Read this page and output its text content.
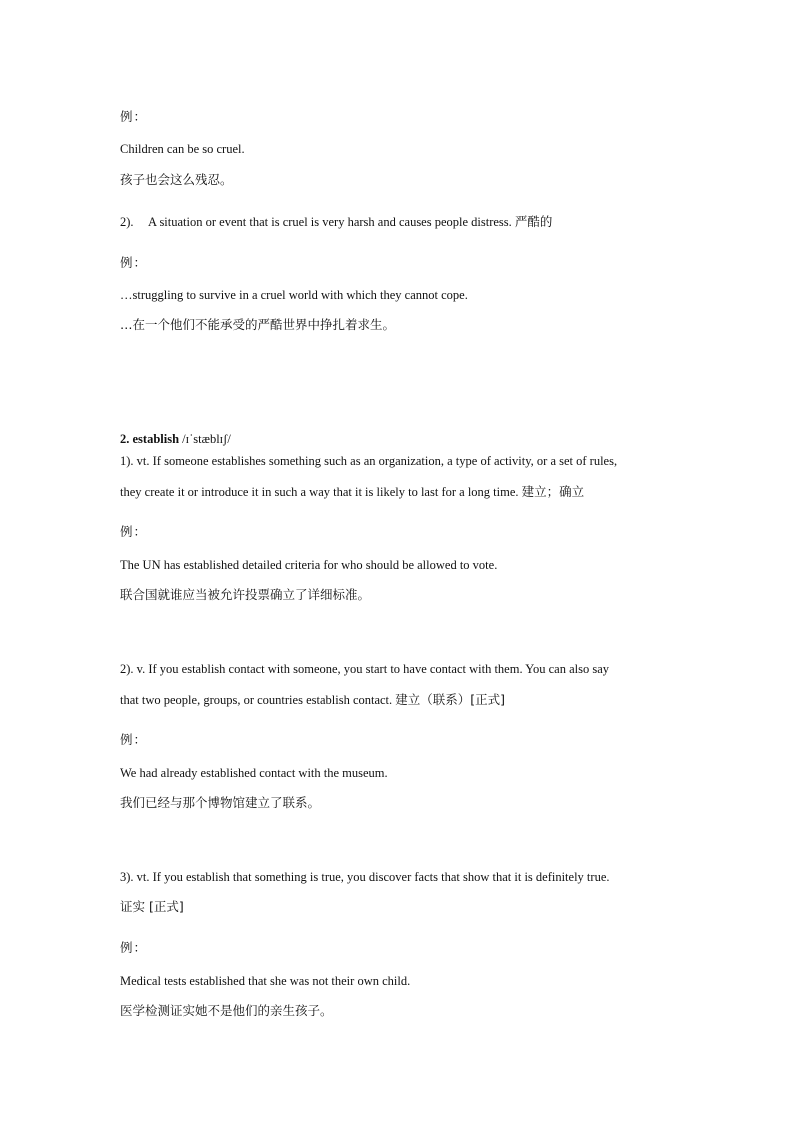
例：

Children can be so cruel.

孩子也会这么残忍。

2). A situation or event that is cruel is very harsh and causes people distress. 严酷的

例：

…struggling to survive in a cruel world with which they cannot cope.

…在一个他们不能承受的严酷世界中挣扎着求生。

2. establish /ɪˈstæblɪʃ/

1). vt. If someone establishes something such as an organization, a type of activity, or a set of rules,

they create it or introduce it in such a way that it is likely to last for a long time. 建立；确立

例：

The UN has established detailed criteria for who should be allowed to vote.

联合国就谁应当被允许投票确立了详细标准。

2). v. If you establish contact with someone, you start to have contact with them. You can also say

that two people, groups, or countries establish contact. 建立（联系）[正式]

例：

We had already established contact with the museum.

我们已经与那个博物馆建立了联系。

3). vt. If you establish that something is true, you discover facts that show that it is definitely true.

证实 [正式]

例：

Medical tests established that she was not their own child.

医学检测证实她不是他们的亲生孩子。
